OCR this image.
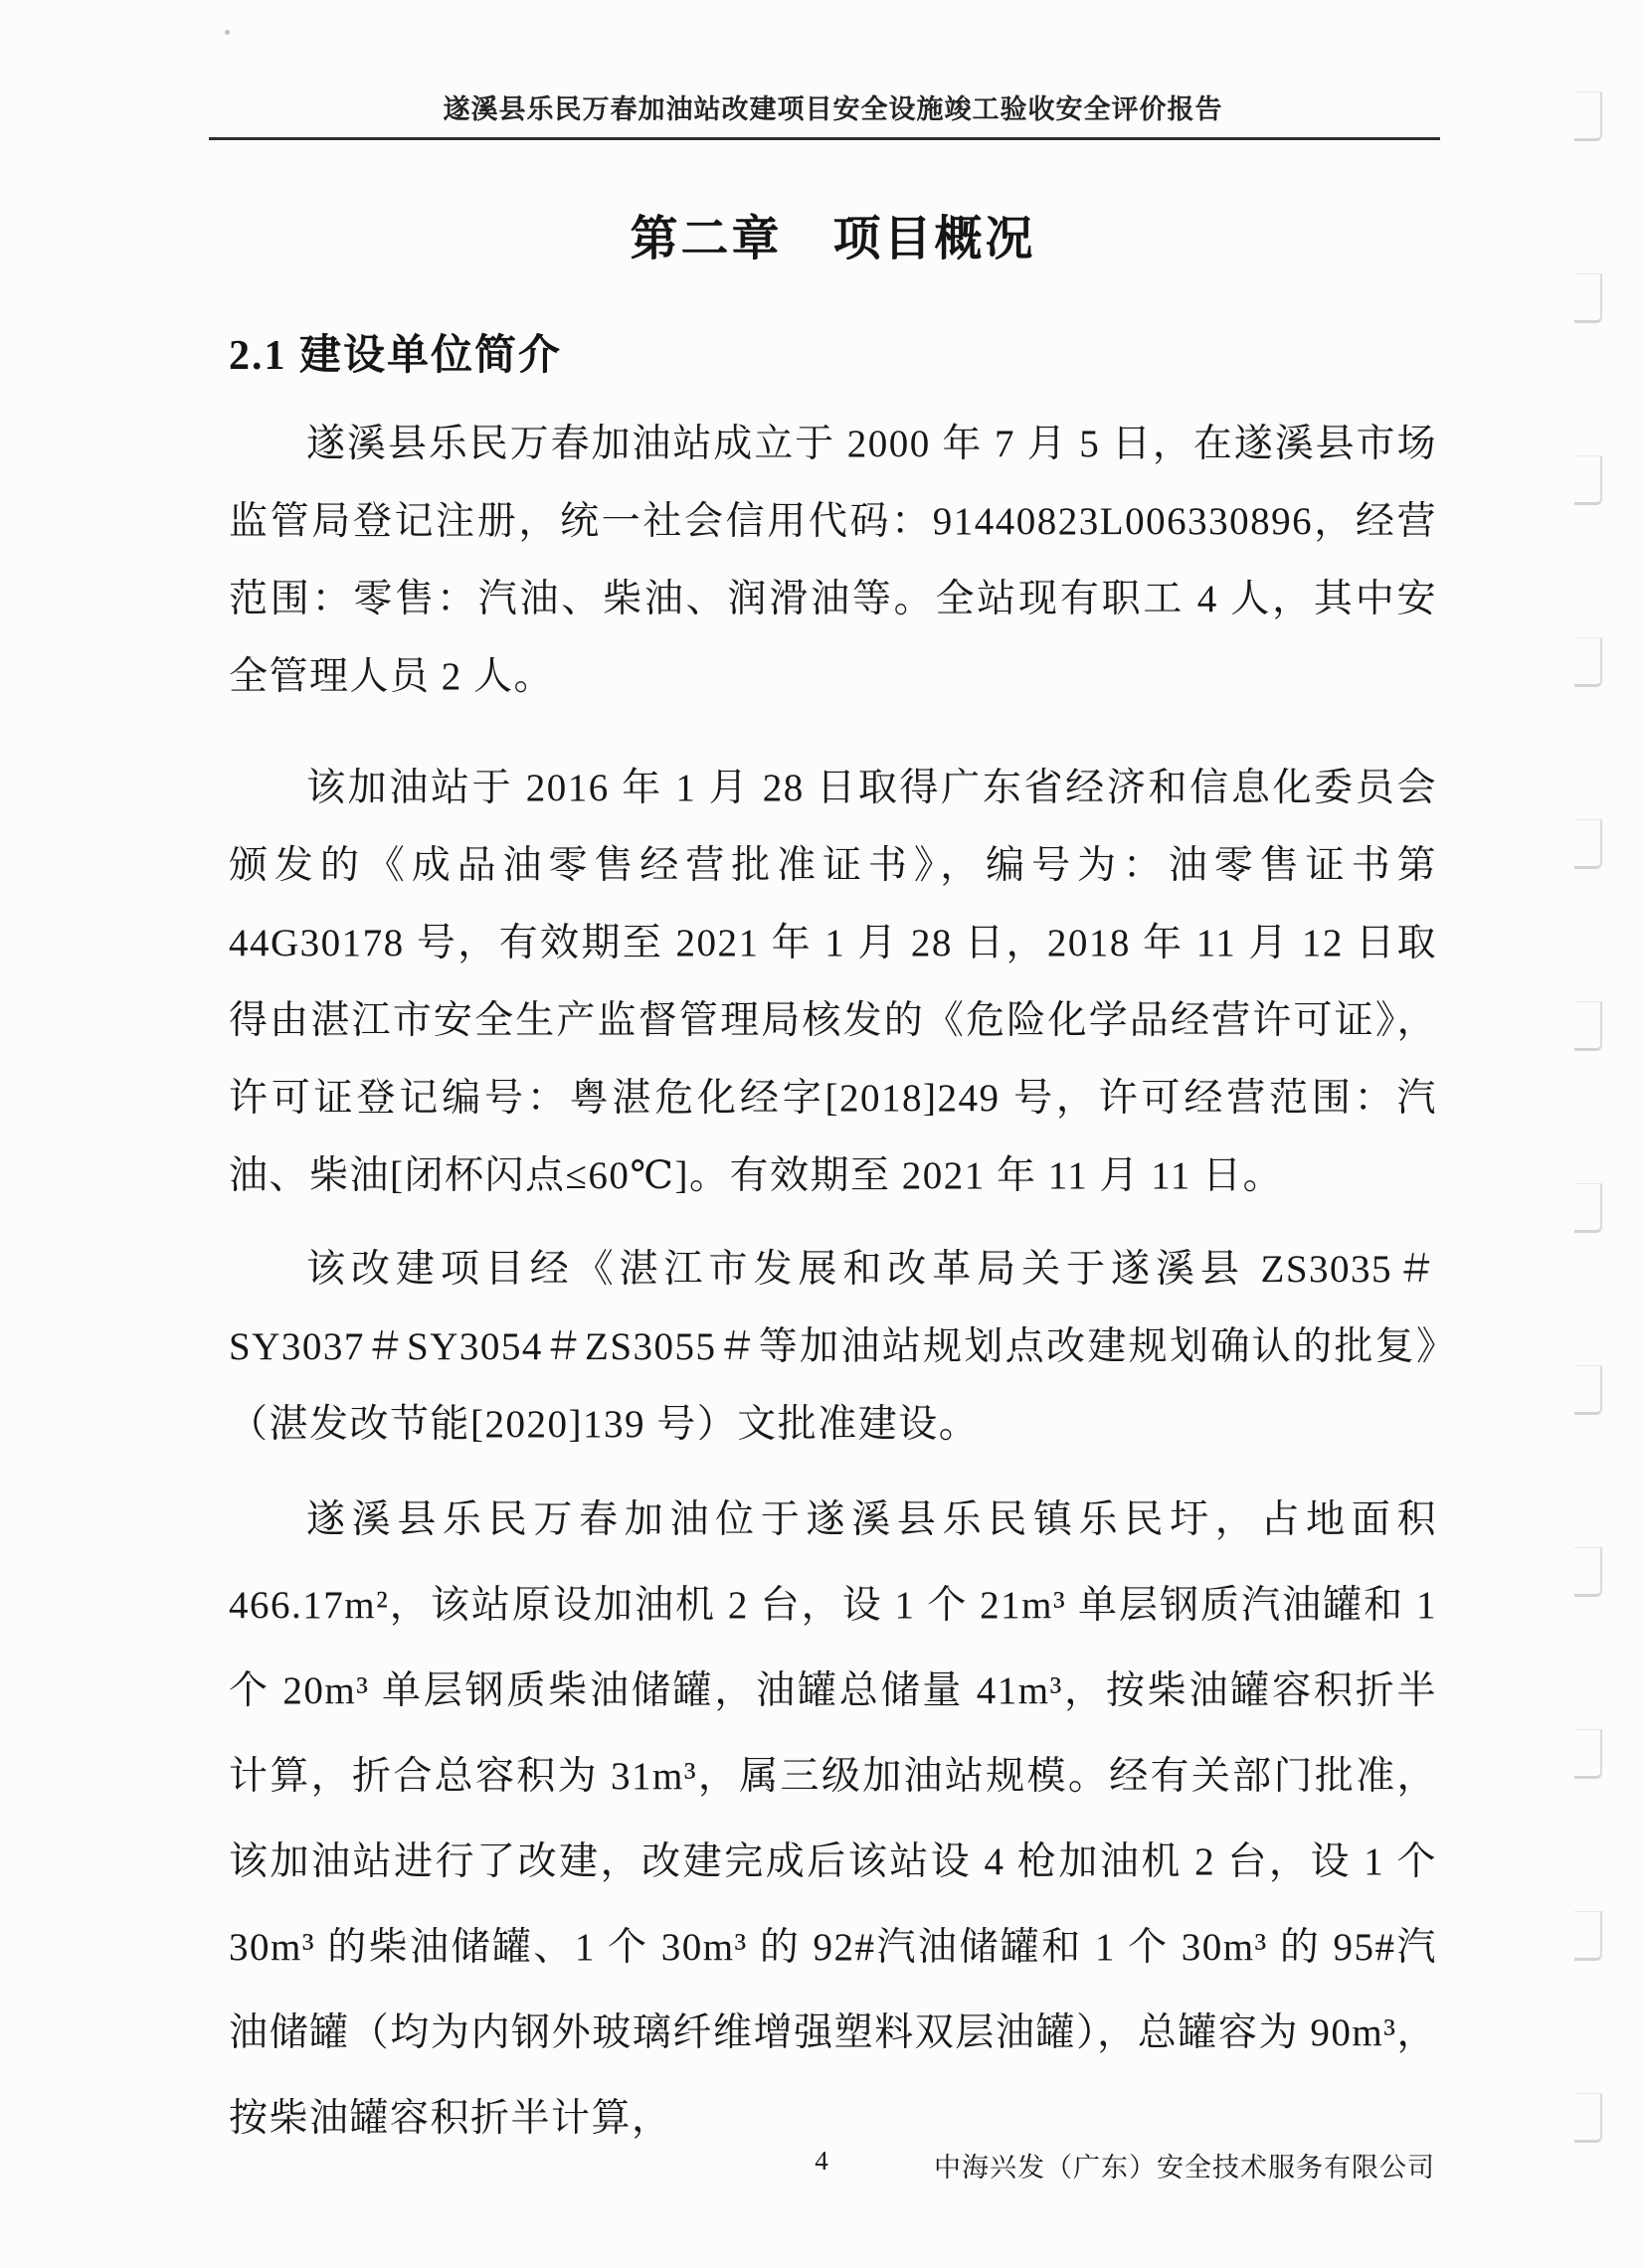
遂溪县乐民万春加油站改建项目安全设施竣工验收安全评价报告
第二章　项目概况
2.1 建设单位简介

遂溪县乐民万春加油站成立于 2000 年 7 月 5 日，在遂溪县市场监管局登记注册，统一社会信用代码：91440823L006330896，经营范围：零售：汽油、柴油、润滑油等。全站现有职工 4 人，其中安全管理人员 2 人。

该加油站于 2016 年 1 月 28 日取得广东省经济和信息化委员会颁发的《成品油零售经营批准证书》，编号为：油零售证书第 44G30178 号，有效期至 2021 年 1 月 28 日，2018 年 11 月 12 日取得由湛江市安全生产监督管理局核发的《危险化学品经营许可证》，许可证登记编号：粤湛危化经字[2018]249 号，许可经营范围：汽油、柴油[闭杯闪点≤60℃]。有效期至 2021 年 11 月 11 日。

该改建项目经《湛江市发展和改革局关于遂溪县 ZS3035＃SY3037＃SY3054＃ZS3055＃等加油站规划点改建规划确认的批复》（湛发改节能[2020]139 号）文批准建设。

遂溪县乐民万春加油位于遂溪县乐民镇乐民圩，占地面积 466.17m²，该站原设加油机 2 台，设 1 个 21m³ 单层钢质汽油罐和 1 个 20m³ 单层钢质柴油储罐，油罐总储量 41m³，按柴油罐容积折半计算，折合总容积为 31m³，属三级加油站规模。经有关部门批准，该加油站进行了改建，改建完成后该站设 4 枪加油机 2 台，设 1 个 30m³ 的柴油储罐、1 个 30m³ 的 92#汽油储罐和 1 个 30m³ 的 95#汽油储罐（均为内钢外玻璃纤维增强塑料双层油罐），总罐容为 90m³，按柴油罐容积折半计算，

4	中海兴发（广东）安全技术服务有限公司
